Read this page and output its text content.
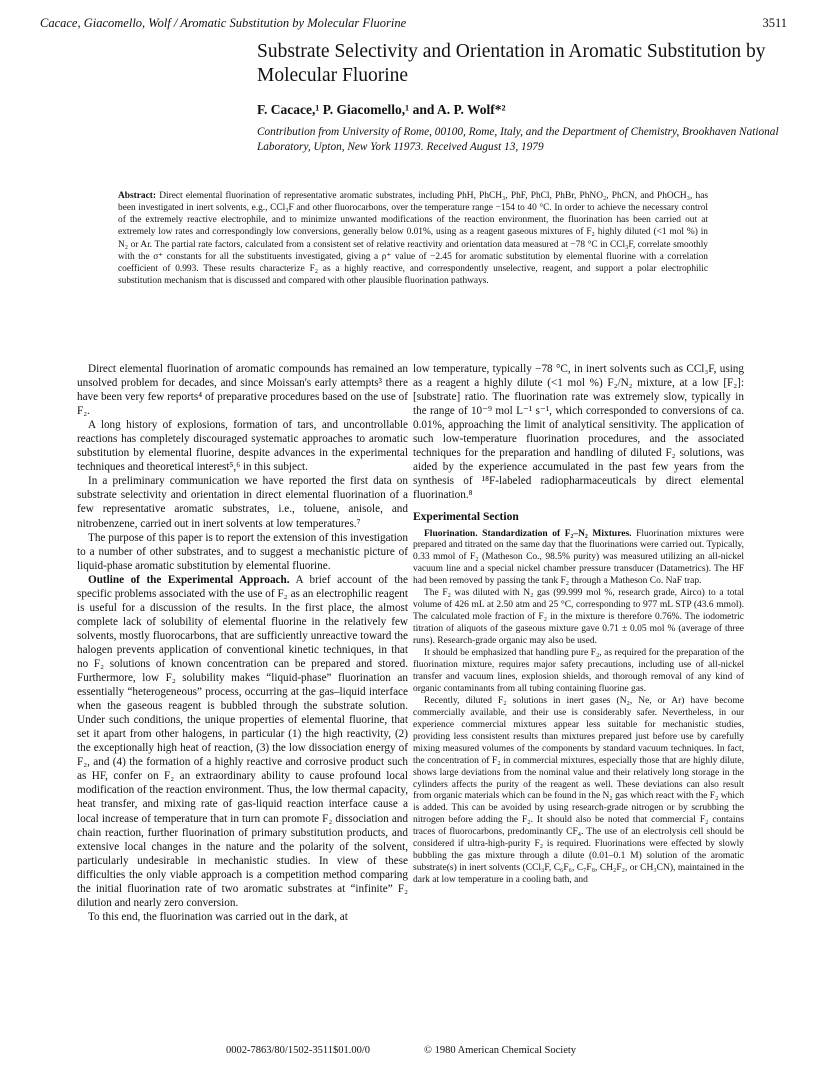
Cacace, Giacomello, Wolf / Aromatic Substitution by Molecular Fluorine	3511
Substrate Selectivity and Orientation in Aromatic Substitution by Molecular Fluorine
F. Cacace,¹ P. Giacomello,¹ and A. P. Wolf*²
Contribution from University of Rome, 00100, Rome, Italy, and the Department of Chemistry, Brookhaven National Laboratory, Upton, New York 11973. Received August 13, 1979
Abstract: Direct elemental fluorination of representative aromatic substrates, including PhH, PhCH₃, PhF, PhCl, PhBr, PhNO₂, PhCN, and PhOCH₃, has been investigated in inert solvents, e.g., CCl₃F and other fluorocarbons, over the temperature range −154 to 40 °C. In order to achieve the necessary control of the extremely reactive electrophile, and to minimize unwanted modifications of the reaction environment, the fluorination has been carried out at extremely low rates and correspondingly low conversions, generally below 0.01%, using as a reagent gaseous mixtures of F₂ highly diluted (<1 mol %) in N₂ or Ar. The partial rate factors, calculated from a consistent set of relative reactivity and orientation data measured at −78 °C in CCl₃F, correlate smoothly with the σ⁺ constants for all the substituents investigated, giving a ρ⁺ value of −2.45 for aromatic substitution by elemental fluorine with a correlation coefficient of 0.993. These results characterize F₂ as a highly reactive, and correspondently unselective, reagent, and support a polar electrophilic substitution mechanism that is discussed and compared with other plausible fluorination pathways.

Direct elemental fluorination of aromatic compounds has remained an unsolved problem for decades, and since Moissan's early attempts³ there have been very few reports⁴ of preparative procedures based on the use of F₂.

A long history of explosions, formation of tars, and uncontrollable reactions has completely discouraged systematic approaches to aromatic substitution by elemental fluorine, despite advances in the experimental techniques and theoretical interest⁵,⁶ in this subject.

In a preliminary communication we have reported the first data on substrate selectivity and orientation in direct elemental fluorination of a few representative aromatic substrates, i.e., toluene, anisole, and nitrobenzene, carried out in inert solvents at low temperatures.⁷

The purpose of this paper is to report the extension of this investigation to a number of other substrates, and to suggest a mechanistic picture of liquid-phase aromatic substitution by elemental fluorine.

Outline of the Experimental Approach. A brief account of the specific problems associated with the use of F₂ as an electrophilic reagent is useful for a discussion of the results. In the first place, the almost complete lack of solubility of elemental fluorine in the relatively few solvents, mostly fluorocarbons, that are sufficiently unreactive toward the halogen prevents application of conventional kinetic techniques, in that no F₂ solutions of known concentration can be prepared and stored. Furthermore, low F₂ solubility makes “liquid-phase” fluorination an essentially “heterogeneous” process, occurring at the gas–liquid interface when the gaseous reagent is bubbled through the substrate solution. Under such conditions, the unique properties of elemental fluorine, that set it apart from other halogens, in particular (1) the high reactivity, (2) the exceptionally high heat of reaction, (3) the low dissociation energy of F₂, and (4) the formation of a highly reactive and corrosive product such as HF, confer on F₂ an extraordinary ability to cause profound local modification of the reaction environment. Thus, the low thermal capacity, heat transfer, and mixing rate of gas-liquid reaction interface cause a local increase of temperature that in turn can promote F₂ dissociation and chain reaction, further fluorination of primary substitution products, and extensive local changes in the nature and the polarity of the solvent, particularly undesirable in mechanistic studies. In view of these difficulties the only viable approach is a competition method comparing the initial fluorination rate of two aromatic substrates at “infinite” F₂ dilution and nearly zero conversion.

To this end, the fluorination was carried out in the dark, at

low temperature, typically −78 °C, in inert solvents such as CCl₃F, using as a reagent a highly dilute (<1 mol %) F₂/N₂ mixture, at a low [F₂]:[substrate] ratio. The fluorination rate was extremely slow, typically in the range of 10⁻⁹ mol L⁻¹ s⁻¹, which corresponded to conversions of ca. 0.01%, approaching the limit of analytical sensitivity. The application of such low-temperature fluorination procedures, and the associated techniques for the preparation and handling of diluted F₂ solutions, was aided by the experience accumulated in the past few years from the synthesis of ¹⁸F-labeled radiopharmaceuticals by direct elemental fluorination.⁸

Experimental Section

Fluorination. Standardization of F₂–N₂ Mixtures. Fluorination mixtures were prepared and titrated on the same day that the fluorinations were carried out. Typically, 0.33 mmol of F₂ (Matheson Co., 98.5% purity) was measured utilizing an all-nickel vacuum line and a special nickel chamber pressure transducer (Datametrics). The HF had been removed by passing the tank F₂ through a Matheson Co. NaF trap.

The F₂ was diluted with N₂ gas (99.999 mol %, research grade, Airco) to a total volume of 426 mL at 2.50 atm and 25 °C, corresponding to 977 mL STP (43.6 mmol). The calculated mole fraction of F₂ in the mixture is therefore 0.76%. The iodometric titration of aliquots of the gaseous mixture gave 0.71 ± 0.05 mol % (average of three runs). Research-grade organic may also be used.

It should be emphasized that handling pure F₂, as required for the preparation of the fluorination mixture, requires major safety precautions, including use of all-nickel transfer and vacuum lines, explosion shields, and thorough removal of any kind of organic contaminants from all tubing containing fluorine gas.

Recently, diluted F₂ solutions in inert gases (N₂, Ne, or Ar) have become commercially available, and their use is considerably safer. Nevertheless, in our experience commercial mixtures appear less suitable for mechanistic studies, providing less consistent results than mixtures prepared just before use by carefully mixing measured volumes of the components by standard vacuum techniques. In fact, the concentration of F₂ in commercial mixtures, especially those that are highly dilute, shows large deviations from the nominal value and their relatively long storage in the cylinders affects the purity of the reagent as well. These deviations can also result from organic materials which can be found in the N₂ gas which react with the F₂ which is added. This can be avoided by using research-grade nitrogen or by scrubbing the nitrogen before adding the F₂. It should also be noted that commercial F₂ contains traces of fluorocarbons, predominantly CF₄. The use of an electrolysis cell should be considered if ultra-high-purity F₂ is required. Fluorinations were effected by slowly bubbling the gas mixture through a dilute (0.01–0.1 M) solution of the aromatic substrate(s) in inert solvents (CCl₃F, C₆F₆, C₇F₈, CH₂F₂, or CH₃CN), maintained in the dark at low temperature in a cooling bath, and

0002-7863/80/1502-3511$01.00/0	© 1980 American Chemical Society
